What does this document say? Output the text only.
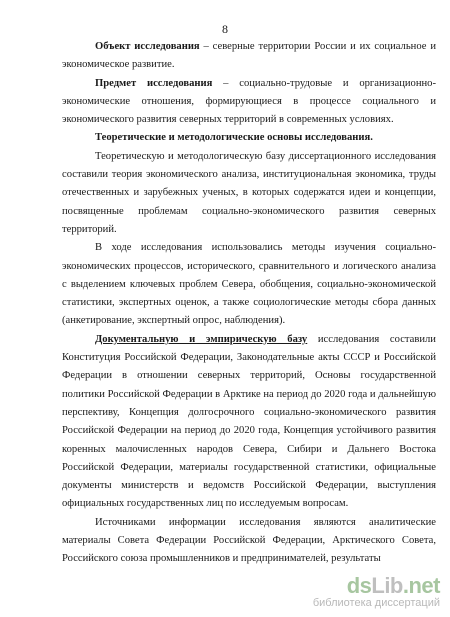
8

Объект исследования – северные территории России и их социальное и экономическое развитие.

Предмет исследования – социально-трудовые и организационно-экономические отношения, формирующиеся в процессе социального и экономического развития северных территорий в современных условиях.

Теоретические и методологические основы исследования.

Теоретическую и методологическую базу диссертационного исследования составили теория экономического анализа, институциональная экономика, труды отечественных и зарубежных ученых, в которых содержатся идеи и концепции, посвященные проблемам социально-экономического развития северных территорий.

В ходе исследования использовались методы изучения социально-экономических процессов, исторического, сравнительного и логического анализа с выделением ключевых проблем Севера, обобщения, социально-экономической статистики, экспертных оценок, а также социологические методы сбора данных (анкетирование, экспертный опрос, наблюдения).

Документальную и эмпирическую базу исследования составили Конституция Российской Федерации, Законодательные акты СССР и Российской Федерации в отношении северных территорий, Основы государственной политики Российской Федерации в Арктике на период до 2020 года и дальнейшую перспективу, Концепция долгосрочного социально-экономического развития Российской Федерации на период до 2020 года, Концепция устойчивого развития коренных малочисленных народов Севера, Сибири и Дальнего Востока Российской Федерации, материалы государственной статистики, официальные документы министерств и ведомств Российской Федерации, выступления официальных государственных лиц по исследуемым вопросам.

Источниками информации исследования являются аналитические материалы Совета Федерации Российской Федерации, Арктического Совета, Российского союза промышленников и предпринимателей, результаты

dsLib.net
библиотека диссертаций
